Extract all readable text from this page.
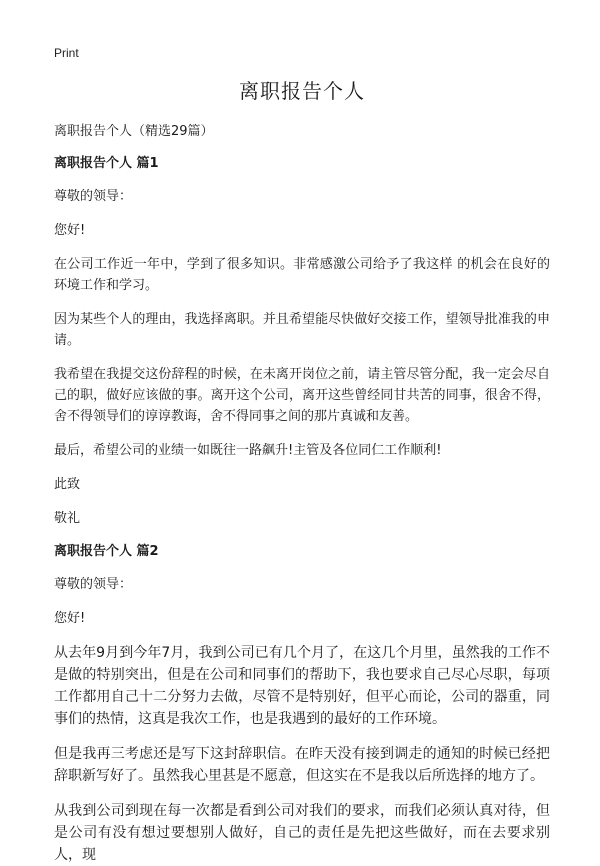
Print
离职报告个人

离职报告个人（精选29篇）

离职报告个人 篇1

尊敬的领导：

您好!

在公司工作近一年中，学到了很多知识。非常感激公司给予了我这样 的机会在良好的环境工作和学习。

因为某些个人的理由，我选择离职。并且希望能尽快做好交接工作，望领导批准我的申请。

我希望在我提交这份辞程的时候，在未离开岗位之前，请主管尽管分配，我一定会尽自己的职，做好应该做的事。离开这个公司，离开这些曾经同甘共苦的同事，很舍不得，舍不得领导们的谆谆教诲，舍不得同事之间的那片真诚和友善。

最后，希望公司的业绩一如既往一路飙升!主管及各位同仁工作顺利!

此致

敬礼

离职报告个人 篇2

尊敬的领导：

您好!

从去年9月到今年7月，我到公司已有几个月了，在这几个月里，虽然我的工作不是做的特别突出，但是在公司和同事们的帮助下，我也要求自己尽心尽职，每项工作都用自己十二分努力去做，尽管不是特别好，但平心而论，公司的器重，同事们的热情，这真是我次工作，也是我遇到的最好的工作环境。

但是我再三考虑还是写下这封辞职信。在昨天没有接到调走的通知的时候已经把辞职新写好了。虽然我心里甚是不愿意，但这实在不是我以后所选择的地方了。

从我到公司到现在每一次都是看到公司对我们的要求，而我们必须认真对待，但是公司有没有想过要想别人做好，自己的责任是先把这些做好，而在去要求别人，现
